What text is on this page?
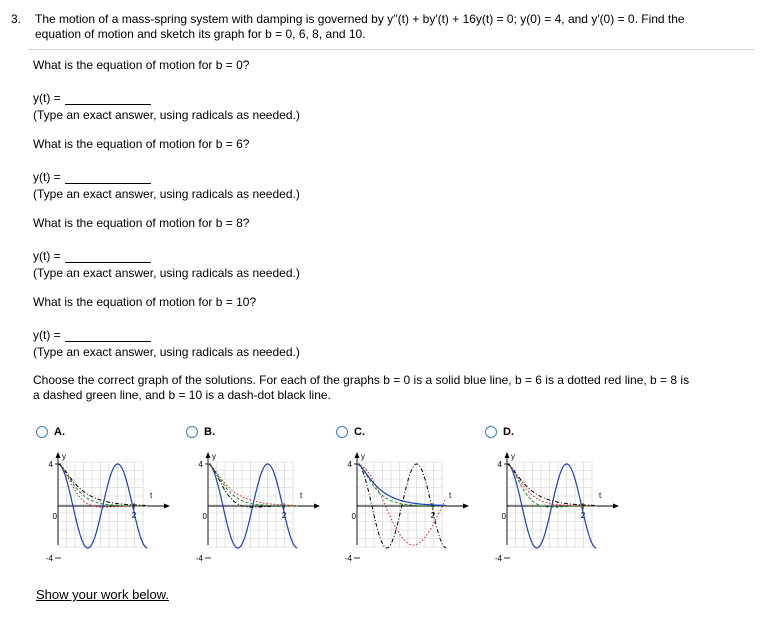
3. The motion of a mass-spring system with damping is governed by y′′(t) + by′(t) + 16y(t) = 0; y(0) = 4, and y′(0) = 0. Find the
equation of motion and sketch its graph for b = 0, 6, 8, and 10.
What is the equation of motion for b = 0?
y(t) =
(Type an exact answer, using radicals as needed.)
What is the equation of motion for b = 6?
y(t) =
(Type an exact answer, using radicals as needed.)
What is the equation of motion for b = 8?
y(t) =
(Type an exact answer, using radicals as needed.)
What is the equation of motion for b = 10?
y(t) =
(Type an exact answer, using radicals as needed.)
Choose the correct graph of the solutions. For each of the graphs b = 0 is a solid blue line, b = 6 is a dotted red line, b = 8 is
a dashed green line, and b = 10 is a dash-dot black line.
A.	B.	C.	D.
y
t
4
-4
0	2
y
t
4
-4
0	2
y
t
4
-4
0	2
y
t
4
-4
0	2
Show your work below.
